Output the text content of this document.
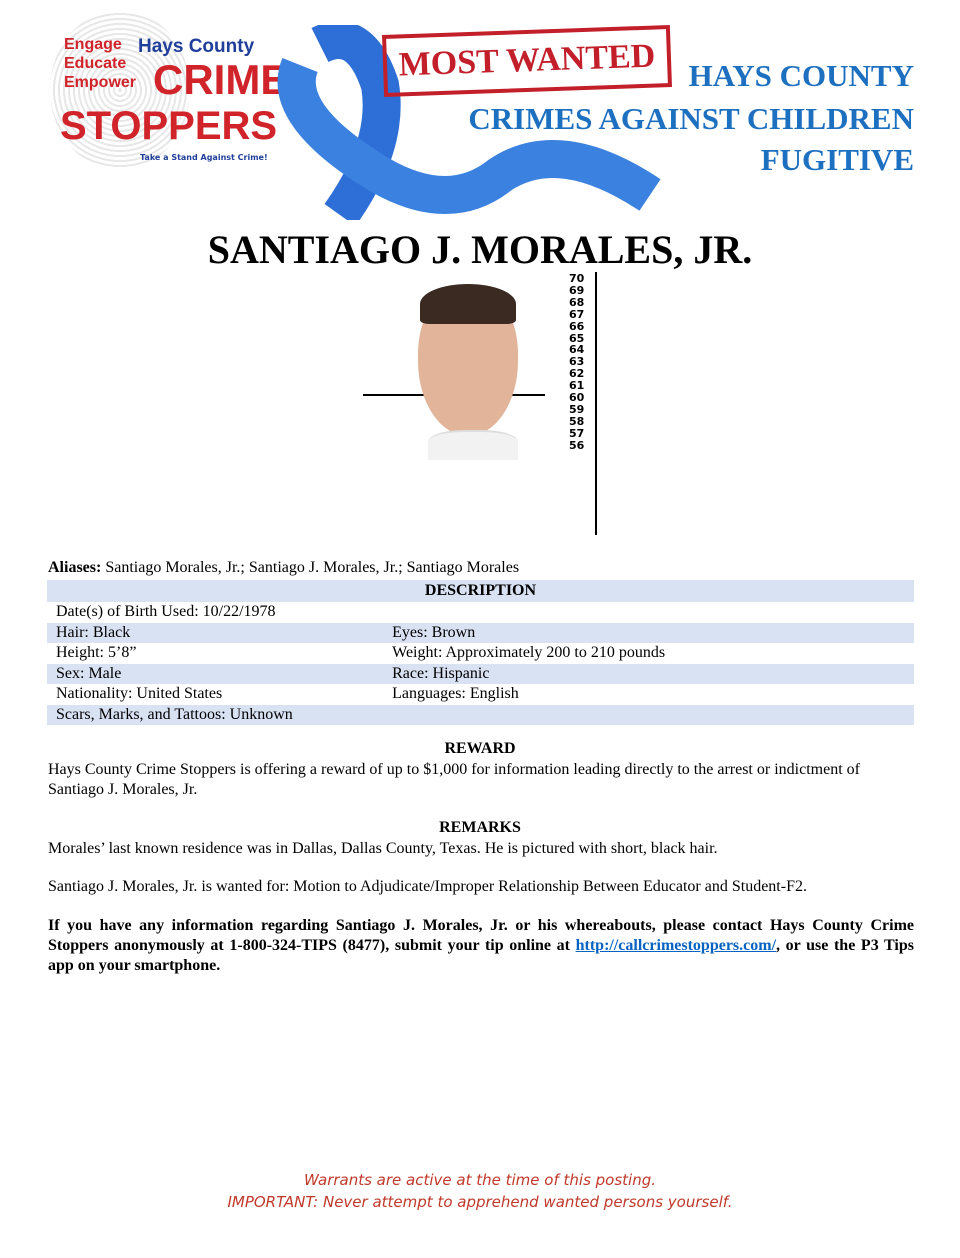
Engage
Educate
Empower
Hays County
CRIME
STOPPERS
Take a Stand Against Crime!
MOST WANTED	HAYS COUNTY
CRIMES AGAINST CHILDREN
FUGITIVE
SANTIAGO J. MORALES, JR.
70
69
68
67
66
65
64
63
62
61
60
59
58
57
56
Aliases: Santiago Morales, Jr.; Santiago J. Morales, Jr.; Santiago Morales
DESCRIPTION	
Date(s) of Birth Used: 10/22/1978	
Hair: Black	Eyes: Brown
Height: 5’8”	Weight: Approximately 200 to 210 pounds
Sex: Male	Race: Hispanic
Nationality: United States	Languages: English
Scars, Marks, and Tattoos: Unknown	
REWARD
Hays County Crime Stoppers is offering a reward of up to $1,000 for information leading directly to the arrest or indictment of Santiago J. Morales, Jr.
REMARKS
Morales’ last known residence was in Dallas, Dallas County, Texas. He is pictured with short, black hair.
Santiago J. Morales, Jr. is wanted for: Motion to Adjudicate/Improper Relationship Between Educator and Student-F2.
If you have any information regarding Santiago J. Morales, Jr. or his whereabouts, please contact Hays County Crime Stoppers anonymously at 1-800-324-TIPS (8477), submit your tip online at http://callcrimestoppers.com/, or use the P3 Tips app on your smartphone.
Warrants are active at the time of this posting.
IMPORTANT: Never attempt to apprehend wanted persons yourself.
